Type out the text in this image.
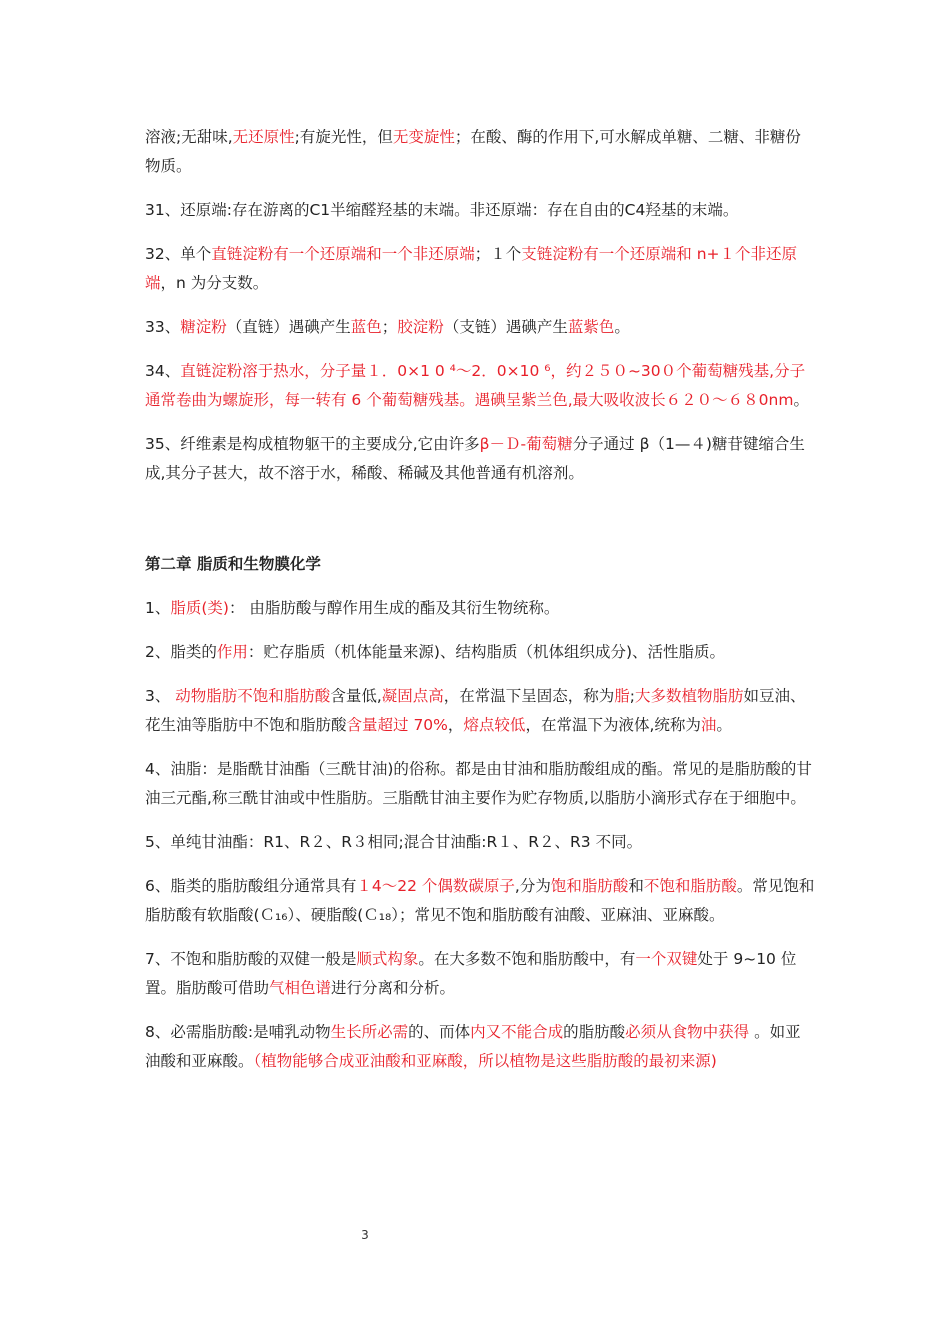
溶液;无甜味,无还原性;有旋光性，但无变旋性；在酸、酶的作用下,可水解成单糖、二糖、非糖份物质。

31、还原端:存在游离的C1半缩醛羟基的末端。非还原端：存在自由的C4羟基的末端。

32、单个直链淀粉有一个还原端和一个非还原端；１个支链淀粉有一个还原端和 n+１个非还原端，n 为分支数。

33、糖淀粉（直链）遇碘产生蓝色；胶淀粉（支链）遇碘产生蓝紫色。

34、直链淀粉溶于热水，分子量１．0×1 0 ⁴～2．0×10 ⁶，约２５０~30０个葡萄糖残基,分子通常卷曲为螺旋形，每一转有 6 个葡萄糖残基。遇碘呈紫兰色,最大吸收波长６２０～６８0nm。

35、纤维素是构成植物躯干的主要成分,它由许多β－Ｄ-葡萄糖分子通过 β（1—４)糖苷键缩合生成,其分子甚大，故不溶于水，稀酸、稀碱及其他普通有机溶剂。

第二章 脂质和生物膜化学

1、脂质(类)： 由脂肪酸与醇作用生成的酯及其衍生物统称。

2、脂类的作用：贮存脂质（机体能量来源)、结构脂质（机体组织成分)、活性脂质。

3、 动物脂肪不饱和脂肪酸含量低,凝固点高，在常温下呈固态，称为脂;大多数植物脂肪如豆油、花生油等脂肪中不饱和脂肪酸含量超过 70%，熔点较低，在常温下为液体,统称为油。

4、油脂：是脂酰甘油酯（三酰甘油)的俗称。都是由甘油和脂肪酸组成的酯。常见的是脂肪酸的甘油三元酯,称三酰甘油或中性脂肪。三脂酰甘油主要作为贮存物质,以脂肪小滴形式存在于细胞中。

5、单纯甘油酯：R1、R２、R３相同;混合甘油酯:R１、R２、R3 不同。

6、脂类的脂肪酸组分通常具有１4～22 个偶数碳原子,分为饱和脂肪酸和不饱和脂肪酸。常见饱和脂肪酸有软脂酸(Ｃ₁₆）、硬脂酸(Ｃ₁₈）；常见不饱和脂肪酸有油酸、亚麻油、亚麻酸。

7、不饱和脂肪酸的双健一般是顺式构象。在大多数不饱和脂肪酸中，有一个双键处于 9~10 位置。脂肪酸可借助气相色谱进行分离和分析。

8、必需脂肪酸:是哺乳动物生长所必需的、而体内又不能合成的脂肪酸必须从食物中获得 。如亚油酸和亚麻酸。（植物能够合成亚油酸和亚麻酸，所以植物是这些脂肪酸的最初来源)

3
